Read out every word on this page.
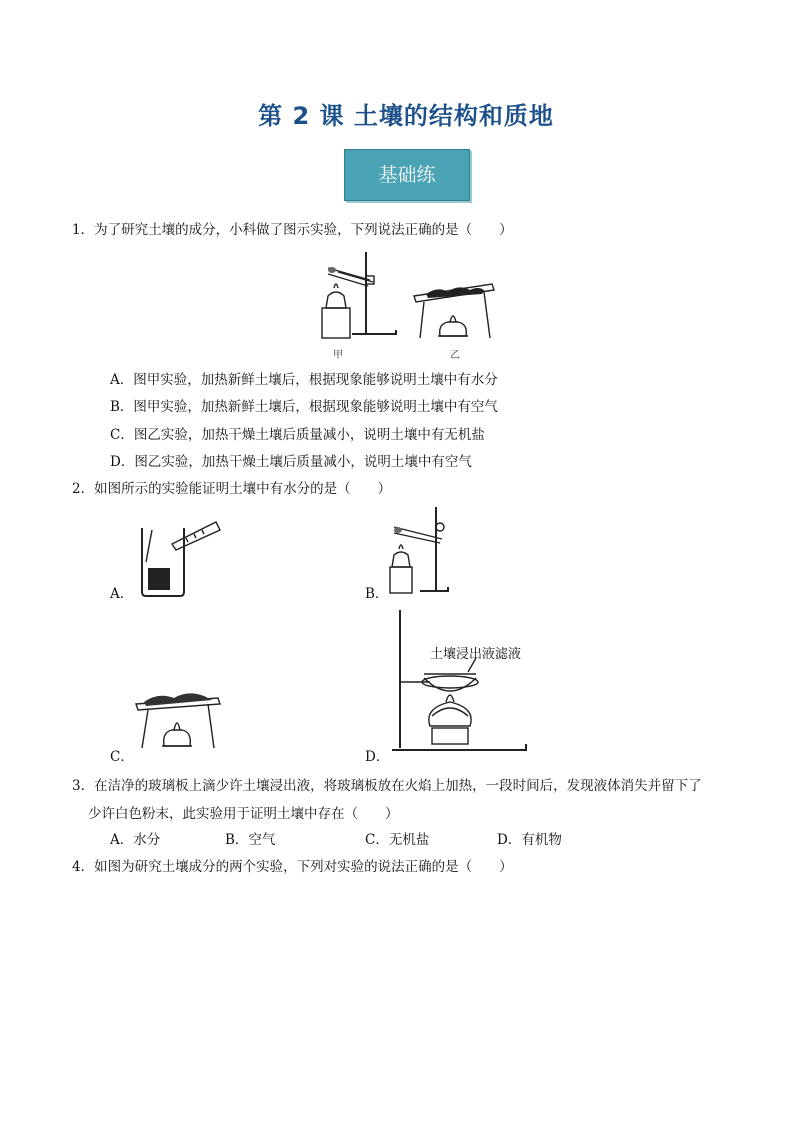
第 2 课 土壤的结构和质地
基础练
1．为了研究土壤的成分，小科做了图示实验，下列说法正确的是（　　）
甲	乙
A．图甲实验，加热新鲜土壤后，根据现象能够说明土壤中有水分
B．图甲实验，加热新鲜土壤后，根据现象能够说明土壤中有空气
C．图乙实验，加热干燥土壤后质量减小，说明土壤中有无机盐
D．图乙实验，加热干燥土壤后质量减小，说明土壤中有空气
2．如图所示的实验能证明土壤中有水分的是（　　）
A．	B．
C．
土壤浸出液滤液
D．
3．在洁净的玻璃板上滴少许土壤浸出液，将玻璃板放在火焰上加热，一段时间后，发现液体消失并留下了
少许白色粉末，此实验用于证明土壤中存在（　　）
A．水分	B．空气	C．无机盐	D．有机物
4．如图为研究土壤成分的两个实验，下列对实验的说法正确的是（　　）
